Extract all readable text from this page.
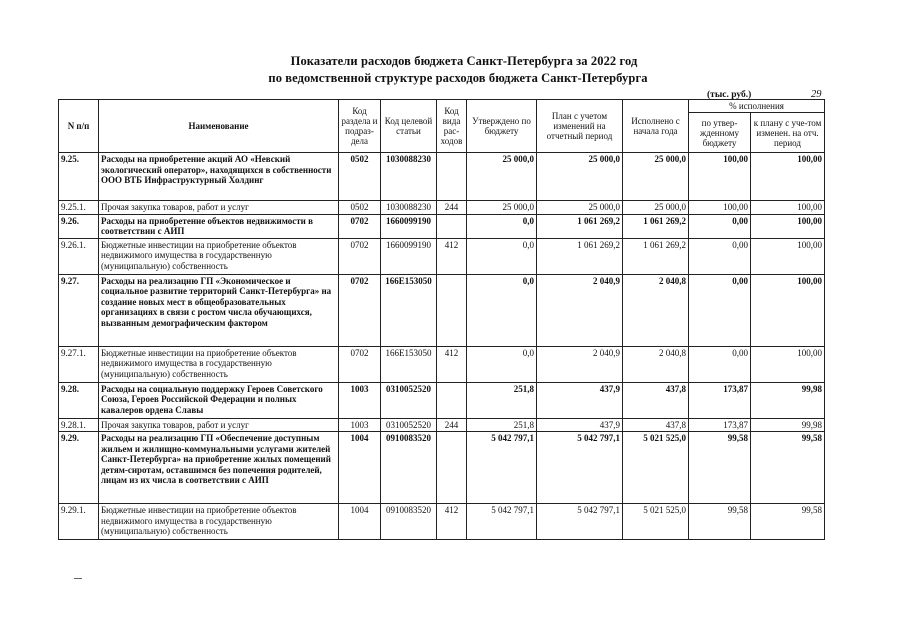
Показатели расходов бюджета Санкт-Петербурга за 2022 год
по ведомственной структуре расходов бюджета Санкт-Петербурга
(тыс. руб.)	29
N п/п	Наименование	Код раздела и подраз-дела	Код целевой статьи	Код вида рас-ходов	Утверждено по бюджету	План с учетом изменений на отчетный период	Исполнено с начала года	% исполнения	
								по утвер-жденному бюджету	к плану с уче-том изменен. на отч. период
9.25.	Расходы на приобретение акций АО «Невский экологический оператор», находящихся в собственности ООО ВТБ Инфраструктурный Холдинг	0502	1030088230		25 000,0	25 000,0	25 000,0	100,00	100,00
9.25.1.	Прочая закупка товаров, работ и услуг	0502	1030088230	244	25 000,0	25 000,0	25 000,0	100,00	100,00
9.26.	Расходы на приобретение объектов недвижимости в соответствии с АИП	0702	1660099190		0,0	1 061 269,2	1 061 269,2	0,00	100,00
9.26.1.	Бюджетные инвестиции на приобретение объектов недвижимого имущества в государственную (муниципальную) собственность	0702	1660099190	412	0,0	1 061 269,2	1 061 269,2	0,00	100,00
9.27.	Расходы на реализацию ГП «Экономическое и социальное развитие территорий Санкт-Петербурга» на создание новых мест в общеобразовательных организациях в связи с ростом числа обучающихся, вызванным демографическим фактором	0702	166E153050		0,0	2 040,9	2 040,8	0,00	100,00
9.27.1.	Бюджетные инвестиции на приобретение объектов недвижимого имущества в государственную (муниципальную) собственность	0702	166E153050	412	0,0	2 040,9	2 040,8	0,00	100,00
9.28.	Расходы на социальную поддержку Героев Советского Союза, Героев Российской Федерации и полных кавалеров ордена Славы	1003	0310052520		251,8	437,9	437,8	173,87	99,98
9.28.1.	Прочая закупка товаров, работ и услуг	1003	0310052520	244	251,8	437,9	437,8	173,87	99,98
9.29.	Расходы на реализацию ГП «Обеспечение доступным жильем и жилищно-коммунальными услугами жителей Санкт-Петербурга» на приобретение жилых помещений детям-сиротам, оставшимся без попечения родителей, лицам из их числа в соответствии с АИП	1004	0910083520		5 042 797,1	5 042 797,1	5 021 525,0	99,58	99,58
9.29.1.	Бюджетные инвестиции на приобретение объектов недвижимого имущества в государственную (муниципальную) собственность	1004	0910083520	412	5 042 797,1	5 042 797,1	5 021 525,0	99,58	99,58
